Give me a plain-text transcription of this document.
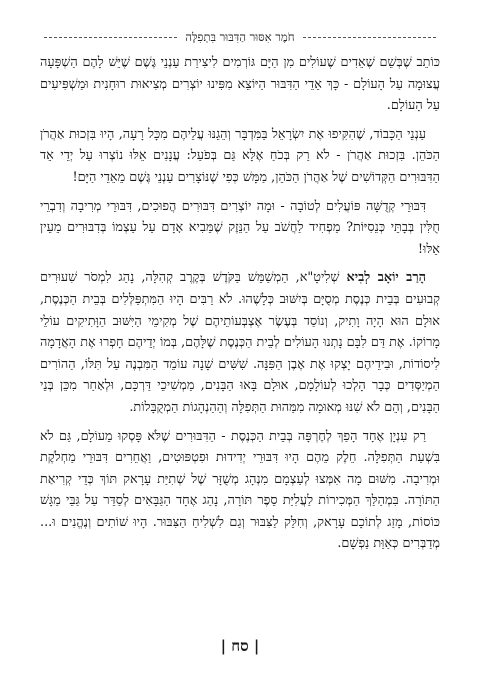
חֹמֶר אִסּוּר הַדִּבּוּר בִּתְפִלָּה

כּוֹתֵב שֶׁבְּשֵׁם שֶׁאֵדִים שֶׁעוֹלִים מִן הַיָּם גּוֹרְמִים לִיצִירַת עַנְנֵי גֶּשֶׁם שֶׁיֵּשׁ לָהֶם הַשְׁפָּעָה עֲצוּמָה עַל הָעוֹלָם - כָּךְ אֵדֵי הַדִּבּוּר הַיּוֹצֵא מִפִּינוּ יוֹצְרִים מְצִיאוּת רוּחָנִית וּמַשְׁפִּיעִים עַל הָעוֹלָם.

עַנְנֵי הַכָּבוֹד, שֶׁהִקִּיפוּ אֶת יִשְׂרָאֵל בַּמִּדְבָּר וְהֵגֵנּוּ עֲלֵיהֶם מִכָּל רָעָה, הָיוּ בִּזְכוּת אַהֲרֹן הַכֹּהֵן. בִּזְכוּת אַהֲרֹן - לֹא רַק בְּכֹחַ אֶלָּא גַּם בְּפֹעַל: עֲנָנִים אֵלּוּ נוֹצְרוּ עַל יְדֵי אֵד הַדִּבּוּרִים הַקְּדוֹשִׁים שֶׁל אַהֲרֹן הַכֹּהֵן, מַמָּשׁ כְּפִי שֶׁנּוֹצָרִים עַנְנֵי גֶּשֶׁם מֵאֵדֵי הַיָּם!

דִּבּוּרֵי קְדֻשָּׁה פּוֹעֲלִים לְטוֹבָה - וּמָה יוֹצְרִים דִּבּוּרִים הֲפוּכִים, דִּבּוּרֵי מְרִיבָה וְדִבְרֵי חֻלִּין בְּבָתֵּי כְּנֵסִיּוֹת? מַפְחִיד לַחֲשֹׁב עַל הַנֵּזֶק שֶׁמֵּבִיא אָדָם עַל עַצְמוֹ בְּדִבּוּרִים מֵעֵין אֵלּוּ!

הָרַב יוֹאָב לְבִיא שְׁלִיטָ"א, הַמְשַׁמֵּשׁ בַּקֹּדֶשׁ בְּקֶרֶב קְהִלָּה, נָהַג לִמְסֹר שִׁעוּרִים קְבוּעִים בְּבֵית כְּנֶסֶת מְסֻיָּם בְּיִשּׁוּב כְּלָשֶׁהוּ. לֹא רַבִּים הָיוּ הַמִּתְפַּלְּלִים בְּבֵית הַכְּנֶסֶת, אוּלָם הוּא הָיָה וָתִיק, וְנוֹסַד בְּעֶשֶׂר אֶצְבְּעוֹתֵיהֶם שֶׁל מְקִימֵי הַיִּשּׁוּב הַוָּתִיקִים עוֹלֵי מָרוֹקוֹ. אֶת דַּם לִבָּם נָתְנוּ הָעוֹלִים לְבֵית הַכְּנֶסֶת שֶׁלָּהֶם, בְּמוֹ יְדֵיהֶם חָפְרוּ אֶת הָאֲדָמָה לִיסוֹדוֹת, וּבִידֵיהֶם יָצְקוּ אֶת אֶבֶן הַפִּנָּה. שִׁשִּׁים שָׁנָה עוֹמֵד הַמִּבְנֶה עַל תִּלּוֹ, הַהוֹרִים הַמְיַסְּדִים כְּבָר הָלְכוּ לְעוֹלָמָם, אוּלָם בָּאוּ הַבָּנִים, מַמְשִׁיכֵי דַּרְכָּם, וּלְאַחַר מִכֵּן בְּנֵי הַבָּנִים, וְהֵם לֹא שִׁנּוּ מְאוּמָה מִמַּהוּת הַתְּפִלָּה וְהַהַנְהָגוֹת הַמְקֻבָּלוֹת.

רַק עִנְיָן אֶחָד הָפַךְ לְחֶרְפָּה בְּבֵית הַכְּנֶסֶת - הַדִּבּוּרִים שֶׁלֹּא פָּסְקוּ מֵעוֹלָם, גַּם לֹא בִּשְׁעַת הַתְּפִלָּה. חֵלֶק מֵהֶם הָיוּ דִּבּוּרֵי יְדִידוּת וּפִטְפּוּטִים, וַאֲחֵרִים דִּבּוּרֵי מַחְלֹקֶת וּמְרִיבָה. מִשּׁוּם מָה אִמְּצוּ לְעַצְמָם מִנְהָג מְשֻׁזָּר שֶׁל שְׁתִיַּת עָרָאק תּוֹךְ כְּדֵי קְרִיאַת הַתּוֹרָה. בִּמְהַלַּךְ הַמְּכִירוֹת לַעֲלִיַּת סֵפֶר תּוֹרָה, נָהַג אֶחָד הַגַּבָּאִים לְסַדֵּר עַל גַּבֵּי מַגָּשׁ כּוֹסוֹת, מָזַג לְתוֹכָם עָרָאק, וְחִלֵּק לַצִּבּוּר וְגַם לִשְׁלִיחַ הַצִּבּוּר. הָיוּ שׁוֹתִים וְנֶהֱנִים וּ... מְדַבְּרִים כְּאַוַּת נַפְשָׁם.

| סח |
